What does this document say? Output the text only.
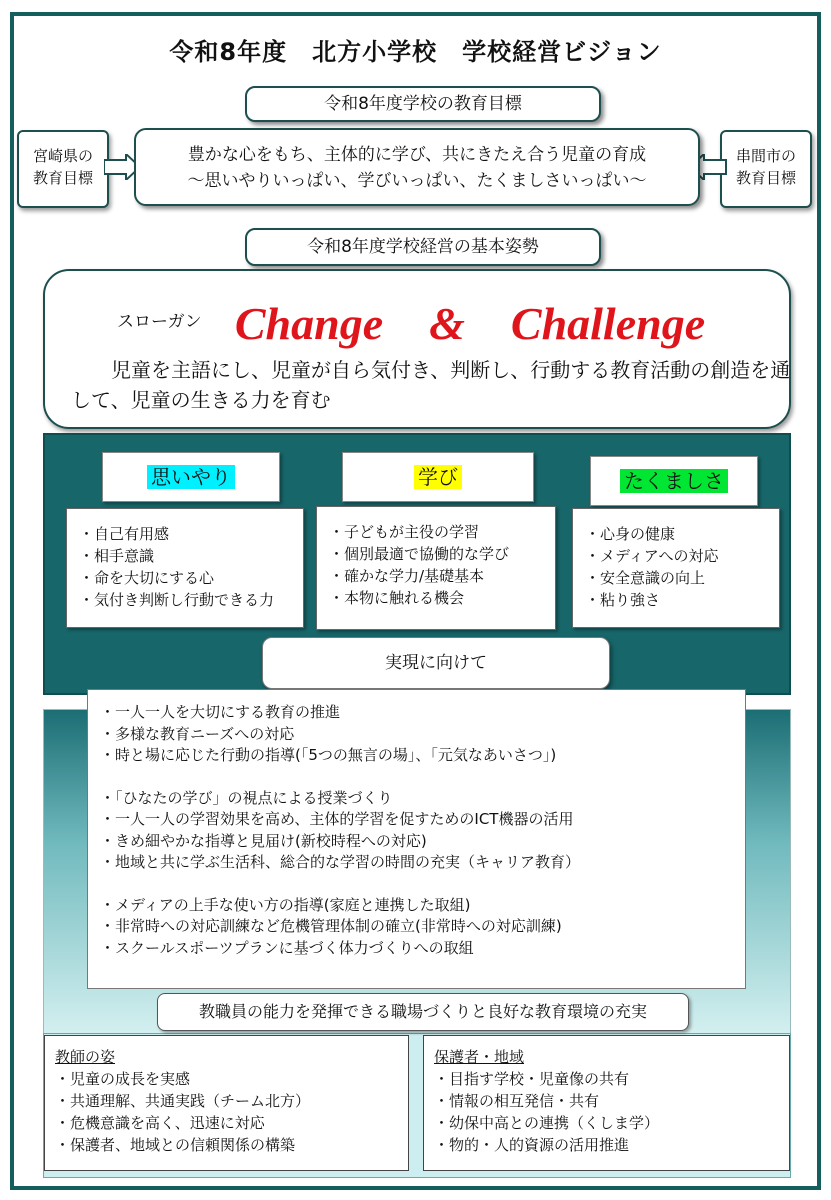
令和8年度　北方小学校　学校経営ビジョン
令和8年度学校の教育目標
宮崎県の
教育目標
串間市の
教育目標
豊かな心をもち、主体的に学び、共にきたえ合う児童の育成
～思いやりいっぱい、学びいっぱい、たくましさいっぱい～
令和8年度学校経営の基本姿勢
スローガン Change　&　Challenge
児童を主語にし、児童が自ら気付き、判断し、行動する教育活動の創造を通して、児童の生きる力を育む
思いやり	学び	たくましさ
・自己有用感
・相手意識
・命を大切にする心
・気付き判断し行動できる力
・子どもが主役の学習
・個別最適で協働的な学び
・確かな学力/基礎基本
・本物に触れる機会
・心身の健康
・メディアへの対応
・安全意識の向上
・粘り強さ
実現に向けて
・一人一人を大切にする教育の推進
・多様な教育ニーズへの対応
・時と場に応じた行動の指導(「5つの無言の場」、「元気なあいさつ」)
・「ひなたの学び」の視点による授業づくり
・一人一人の学習効果を高め、主体的学習を促すためのICT機器の活用
・きめ細やかな指導と見届け(新校時程への対応)
・地域と共に学ぶ生活科、総合的な学習の時間の充実（キャリア教育）
・メディアの上手な使い方の指導(家庭と連携した取組)
・非常時への対応訓練など危機管理体制の確立(非常時への対応訓練)
・スクールスポーツプランに基づく体力づくりへの取組
教職員の能力を発揮できる職場づくりと良好な教育環境の充実
教師の姿
・児童の成長を実感
・共通理解、共通実践（チーム北方）
・危機意識を高く、迅速に対応
・保護者、地域との信頼関係の構築
保護者・地域
・目指す学校・児童像の共有
・情報の相互発信・共有
・幼保中高との連携（くしま学）
・物的・人的資源の活用推進
